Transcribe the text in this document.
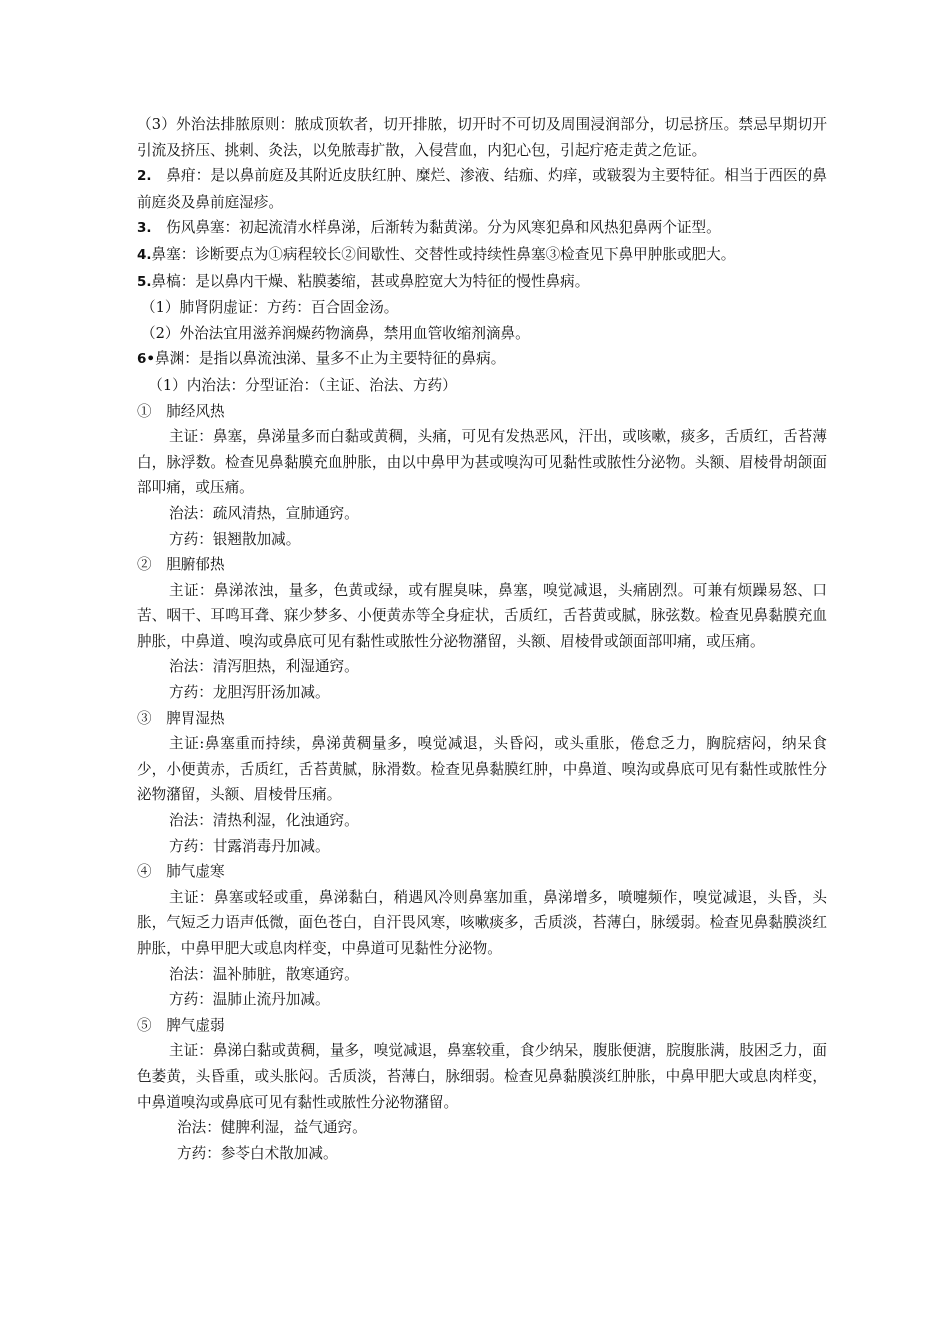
（3）外治法排脓原则：脓成顶软者，切开排脓，切开时不可切及周围浸润部分，切忌挤压。禁忌早期切开引流及挤压、挑刺、灸法，以免脓毒扩散，入侵营血，内犯心包，引起疔疮走黄之危证。

2.　鼻疳：是以鼻前庭及其附近皮肤红肿、糜烂、渗液、结痂、灼痒，或皲裂为主要特征。相当于西医的鼻前庭炎及鼻前庭湿疹。

3.　伤风鼻塞：初起流清水样鼻涕，后渐转为黏黄涕。分为风寒犯鼻和风热犯鼻两个证型。

4.鼻塞：诊断要点为①病程较长②间歇性、交替性或持续性鼻塞③检查见下鼻甲肿胀或肥大。

5.鼻槁：是以鼻内干燥、粘膜萎缩，甚或鼻腔宽大为特征的慢性鼻病。

（1）肺肾阴虚证：方药：百合固金汤。

（2）外治法宜用滋养润燥药物滴鼻，禁用血管收缩剂滴鼻。

6•鼻渊：是指以鼻流浊涕、量多不止为主要特征的鼻病。

　（1）内治法：分型证治：（主证、治法、方药）

①　肺经风热

主证：鼻塞，鼻涕量多而白黏或黄稠，头痛，可见有发热恶风，汗出，或咳嗽，痰多，舌质红，舌苔薄白，脉浮数。检查见鼻黏膜充血肿胀，由以中鼻甲为甚或嗅沟可见黏性或脓性分泌物。头额、眉棱骨胡颌面部叩痛，或压痛。

治法：疏风清热，宣肺通窍。

方药：银翘散加减。

②　胆腑郁热

主证：鼻涕浓浊，量多，色黄或绿，或有腥臭味，鼻塞，嗅觉减退，头痛剧烈。可兼有烦躁易怒、口苦、咽干、耳鸣耳聋、寐少梦多、小便黄赤等全身症状，舌质红，舌苔黄或腻，脉弦数。检查见鼻黏膜充血肿胀，中鼻道、嗅沟或鼻底可见有黏性或脓性分泌物潴留，头额、眉棱骨或颌面部叩痛，或压痛。

治法：清泻胆热，利湿通窍。

方药：龙胆泻肝汤加减。

③　脾胃湿热

主证:鼻塞重而持续，鼻涕黄稠量多，嗅觉减退，头昏闷，或头重胀，倦怠乏力，胸脘痞闷，纳呆食少，小便黄赤，舌质红，舌苔黄腻，脉滑数。检查见鼻黏膜红肿，中鼻道、嗅沟或鼻底可见有黏性或脓性分泌物潴留，头额、眉棱骨压痛。

治法：清热利湿，化浊通窍。

方药：甘露消毒丹加减。

④　肺气虚寒

主证：鼻塞或轻或重，鼻涕黏白，稍遇风冷则鼻塞加重，鼻涕增多，喷嚏频作，嗅觉减退，头昏，头胀，气短乏力语声低微，面色苍白，自汗畏风寒，咳嗽痰多，舌质淡，苔薄白，脉缓弱。检查见鼻黏膜淡红肿胀，中鼻甲肥大或息肉样变，中鼻道可见黏性分泌物。

治法：温补肺脏，散寒通窍。

方药：温肺止流丹加减。

⑤　脾气虚弱

主证：鼻涕白黏或黄稠，量多，嗅觉减退，鼻塞较重，食少纳呆，腹胀便溏，脘腹胀满，肢困乏力，面色萎黄，头昏重，或头胀闷。舌质淡，苔薄白，脉细弱。检查见鼻黏膜淡红肿胀，中鼻甲肥大或息肉样变，中鼻道嗅沟或鼻底可见有黏性或脓性分泌物潴留。

治法：健脾利湿，益气通窍。

方药：参苓白术散加减。
